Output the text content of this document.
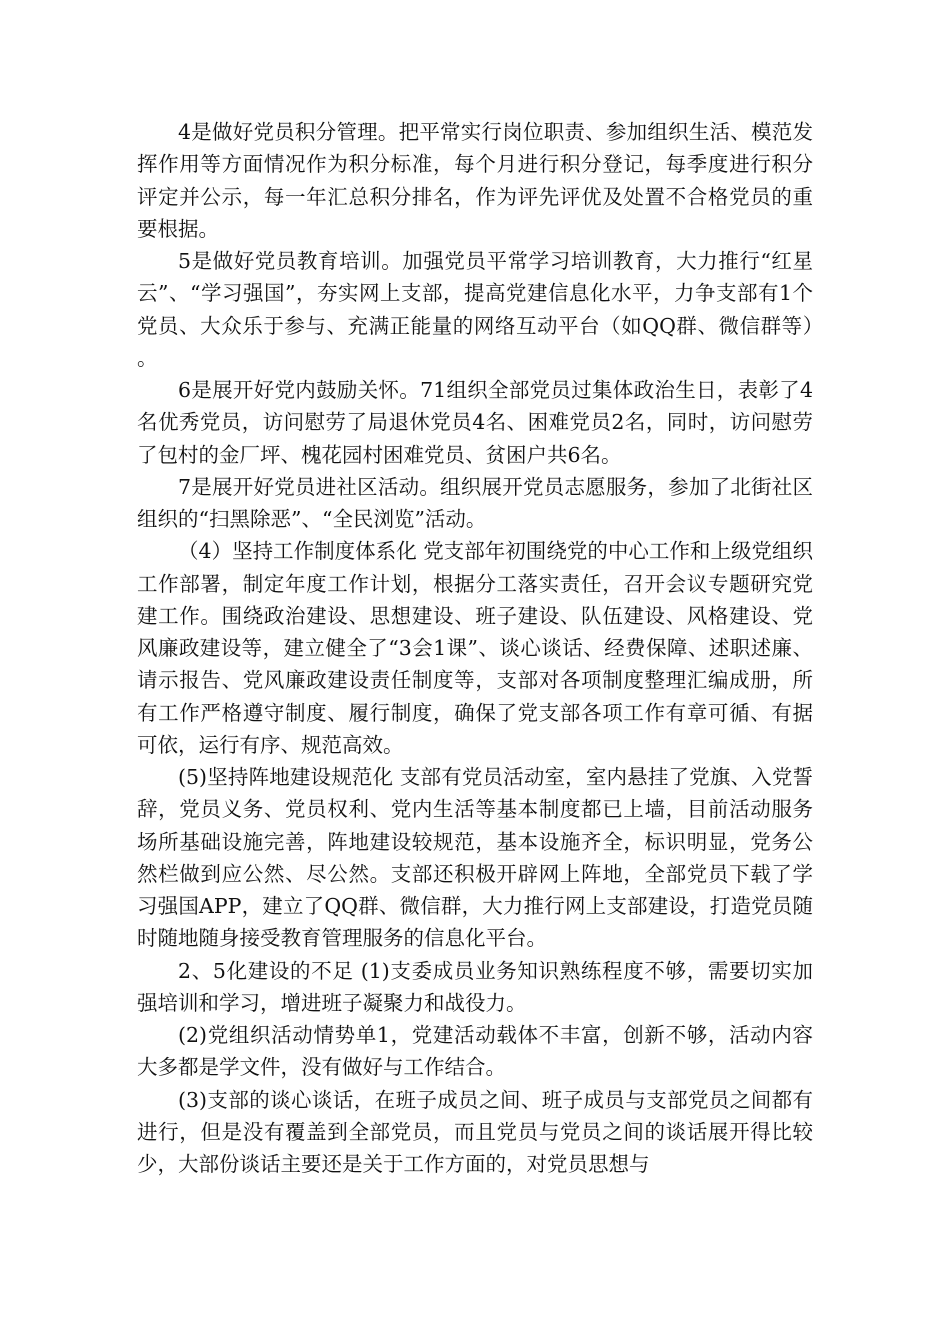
4是做好党员积分管理。把平常实行岗位职责、参加组织生活、模范发挥作用等方面情况作为积分标准，每个月进行积分登记，每季度进行积分评定并公示，每一年汇总积分排名，作为评先评优及处置不合格党员的重要根据。

5是做好党员教育培训。加强党员平常学习培训教育，大力推行“红星云”、“学习强国”，夯实网上支部，提高党建信息化水平，力争支部有1个党员、大众乐于参与、充满正能量的网络互动平台（如QQ群、微信群等）。

6是展开好党内鼓励关怀。71组织全部党员过集体政治生日，表彰了4名优秀党员，访问慰劳了局退休党员4名、困难党员2名，同时，访问慰劳了包村的金厂坪、槐花园村困难党员、贫困户共6名。

7是展开好党员进社区活动。组织展开党员志愿服务，参加了北街社区组织的“扫黑除恶”、“全民浏览”活动。

（4）坚持工作制度体系化 党支部年初围绕党的中心工作和上级党组织工作部署，制定年度工作计划，根据分工落实责任，召开会议专题研究党建工作。围绕政治建设、思想建设、班子建设、队伍建设、风格建设、党风廉政建设等，建立健全了“3会1课”、谈心谈话、经费保障、述职述廉、请示报告、党风廉政建设责任制度等，支部对各项制度整理汇编成册，所有工作严格遵守制度、履行制度，确保了党支部各项工作有章可循、有据可依，运行有序、规范高效。

(5)坚持阵地建设规范化 支部有党员活动室，室内悬挂了党旗、入党誓辞，党员义务、党员权利、党内生活等基本制度都已上墙，目前活动服务场所基础设施完善，阵地建设较规范，基本设施齐全，标识明显，党务公然栏做到应公然、尽公然。支部还积极开辟网上阵地，全部党员下载了学习强国APP，建立了QQ群、微信群，大力推行网上支部建设，打造党员随时随地随身接受教育管理服务的信息化平台。

2、5化建设的不足 (1)支委成员业务知识熟练程度不够，需要切实加强培训和学习，增进班子凝聚力和战役力。

(2)党组织活动情势单1，党建活动载体不丰富，创新不够，活动内容大多都是学文件，没有做好与工作结合。

(3)支部的谈心谈话，在班子成员之间、班子成员与支部党员之间都有进行，但是没有覆盖到全部党员，而且党员与党员之间的谈话展开得比较少，大部份谈话主要还是关于工作方面的，对党员思想与
